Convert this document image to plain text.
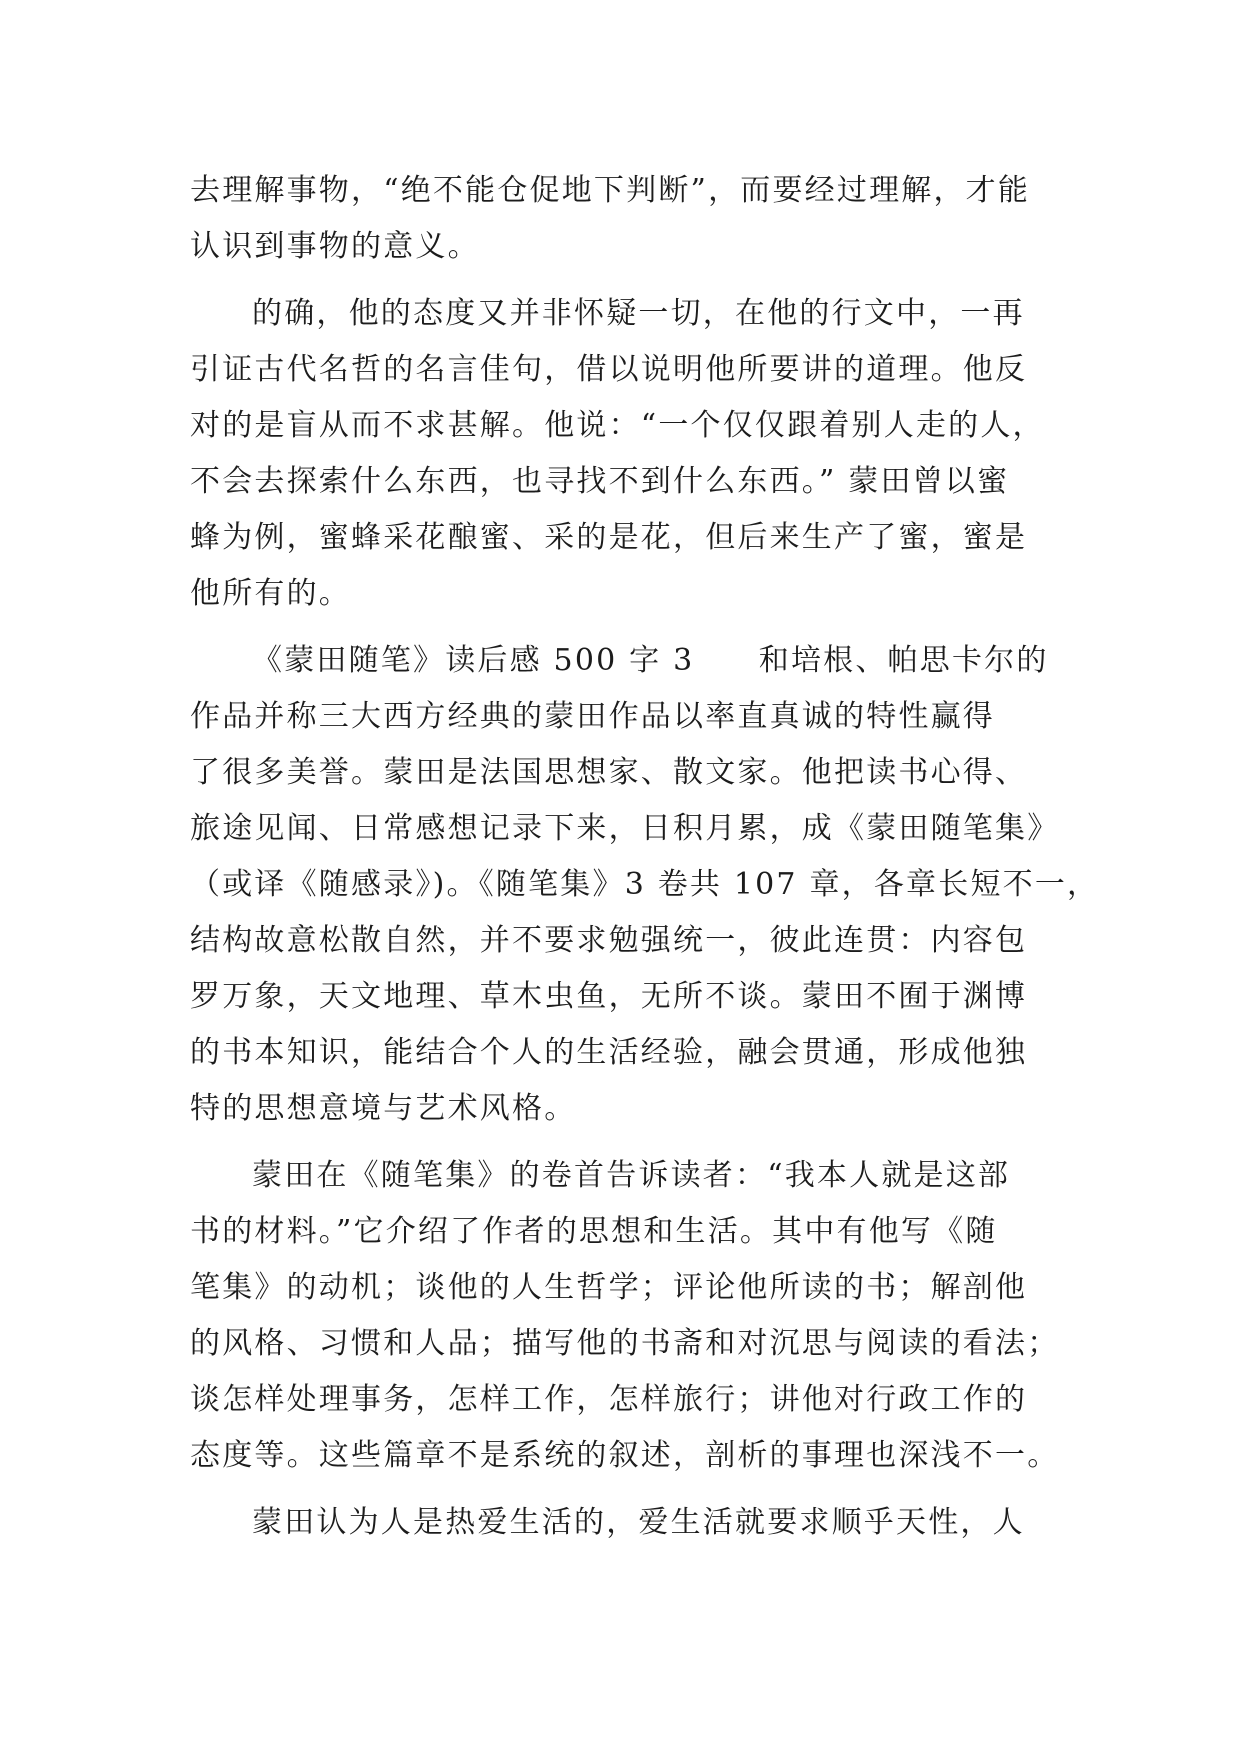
去理解事物，“绝不能仓促地下判断”，而要经过理解，才能
认识到事物的意义。
的确，他的态度又并非怀疑一切，在他的行文中，一再
引证古代名哲的名言佳句，借以说明他所要讲的道理。他反
对的是盲从而不求甚解。他说：“一个仅仅跟着别人走的人，
不会去探索什么东西，也寻找不到什么东西。” 蒙田曾以蜜
蜂为例，蜜蜂采花酿蜜、采的是花，但后来生产了蜜，蜜是
他所有的。
《蒙田随笔》读后感 500 字 3　　和培根、帕思卡尔的
作品并称三大西方经典的蒙田作品以率直真诚的特性赢得
了很多美誉。蒙田是法国思想家、散文家。他把读书心得、
旅途见闻、日常感想记录下来，日积月累，成《蒙田随笔集》
（或译《随感录》)。《随笔集》3 卷共 107 章，各章长短不一，
结构故意松散自然，并不要求勉强统一，彼此连贯：内容包
罗万象，天文地理、草木虫鱼，无所不谈。蒙田不囿于渊博
的书本知识，能结合个人的生活经验，融会贯通，形成他独
特的思想意境与艺术风格。
蒙田在《随笔集》的卷首告诉读者：“我本人就是这部
书的材料。”它介绍了作者的思想和生活。其中有他写《随
笔集》的动机；谈他的人生哲学；评论他所读的书；解剖他
的风格、习惯和人品；描写他的书斋和对沉思与阅读的看法；
谈怎样处理事务，怎样工作，怎样旅行；讲他对行政工作的
态度等。这些篇章不是系统的叙述，剖析的事理也深浅不一。
蒙田认为人是热爱生活的，爱生活就要求顺乎天性，人
